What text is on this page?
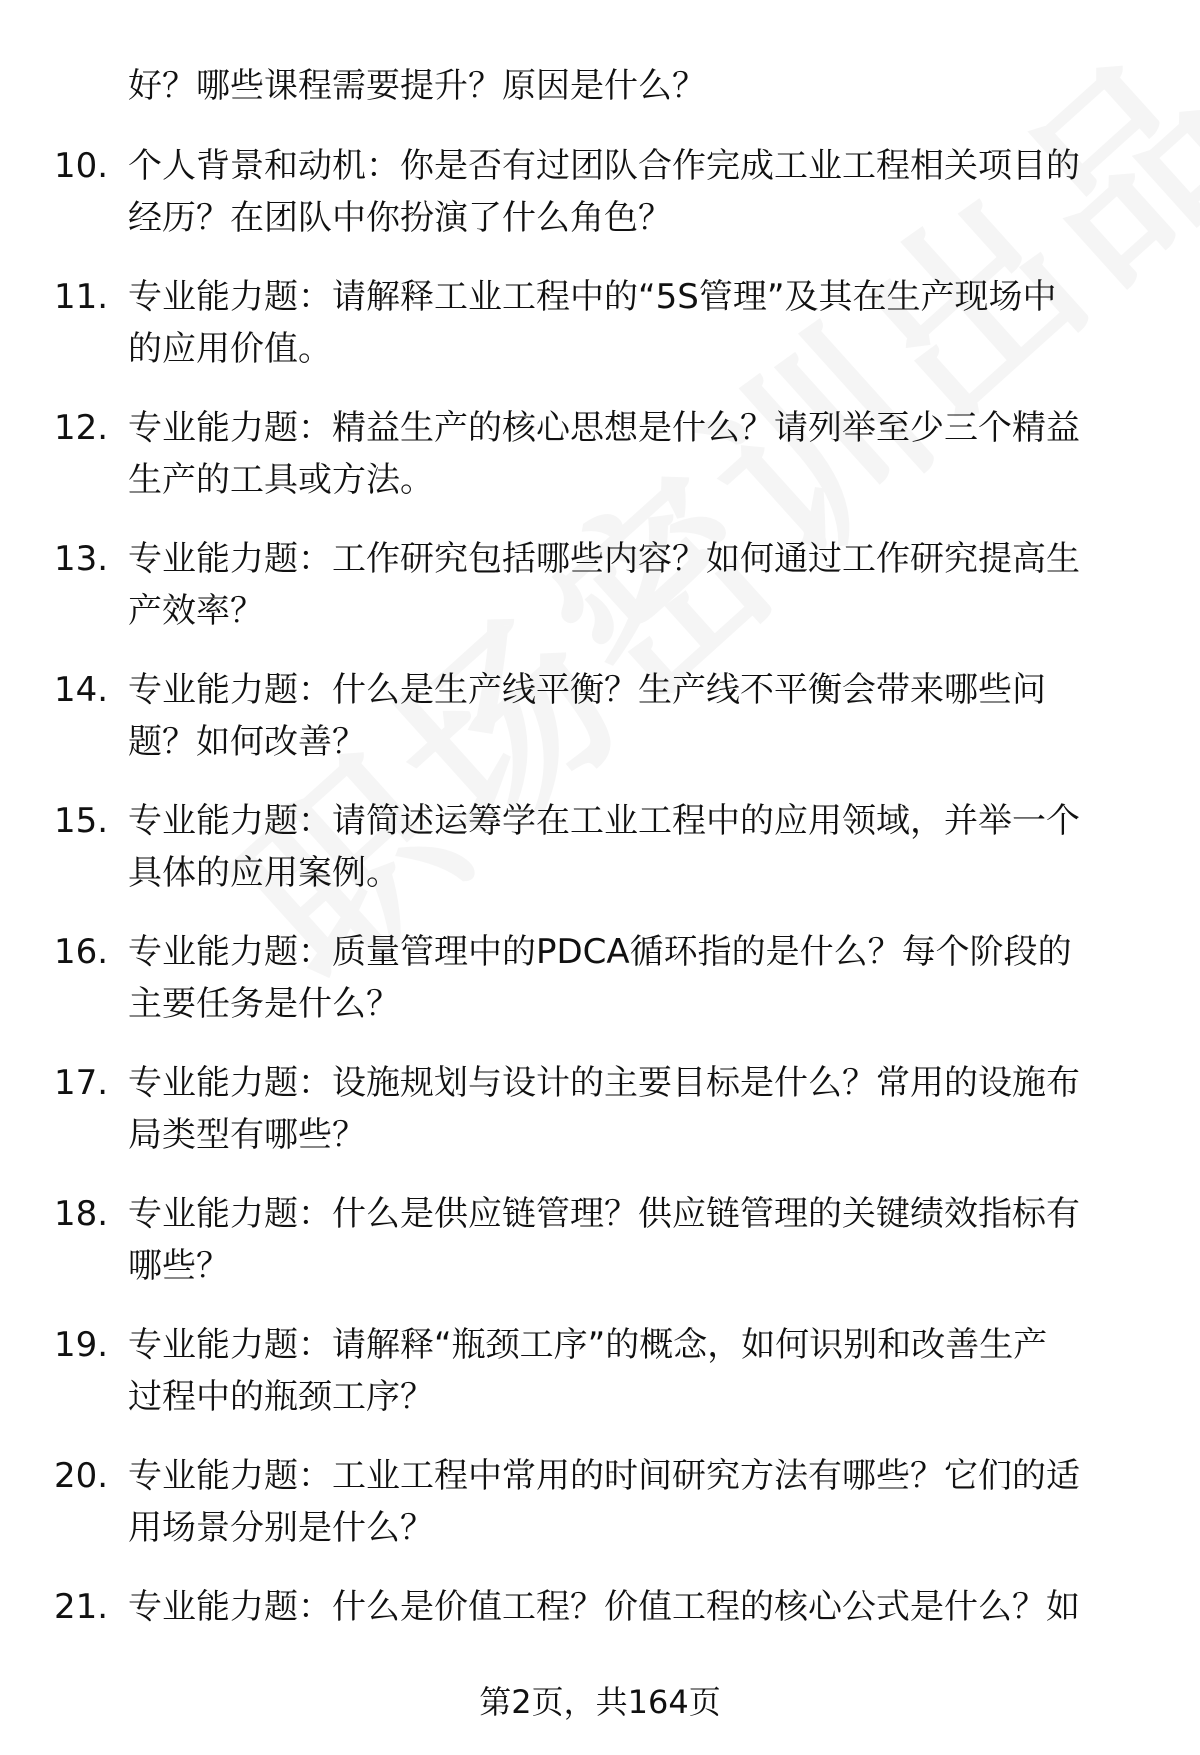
好？哪些课程需要提升？原因是什么？

10. 个人背景和动机：你是否有过团队合作完成工业工程相关项目的
经历？在团队中你扮演了什么角色？
11. 专业能力题：请解释工业工程中的“5S管理”及其在生产现场中
的应用价值。
12. 专业能力题：精益生产的核心思想是什么？请列举至少三个精益
生产的工具或方法。
13. 专业能力题：工作研究包括哪些内容？如何通过工作研究提高生
产效率？
14. 专业能力题：什么是生产线平衡？生产线不平衡会带来哪些问
题？如何改善？
15. 专业能力题：请简述运筹学在工业工程中的应用领域，并举一个
具体的应用案例。
16. 专业能力题：质量管理中的PDCA循环指的是什么？每个阶段的
主要任务是什么？
17. 专业能力题：设施规划与设计的主要目标是什么？常用的设施布
局类型有哪些？
18. 专业能力题：什么是供应链管理？供应链管理的关键绩效指标有
哪些？
19. 专业能力题：请解释“瓶颈工序”的概念，如何识别和改善生产
过程中的瓶颈工序？
20. 专业能力题：工业工程中常用的时间研究方法有哪些？它们的适
用场景分别是什么？
21. 专业能力题：什么是价值工程？价值工程的核心公式是什么？如
第2页，共164页
